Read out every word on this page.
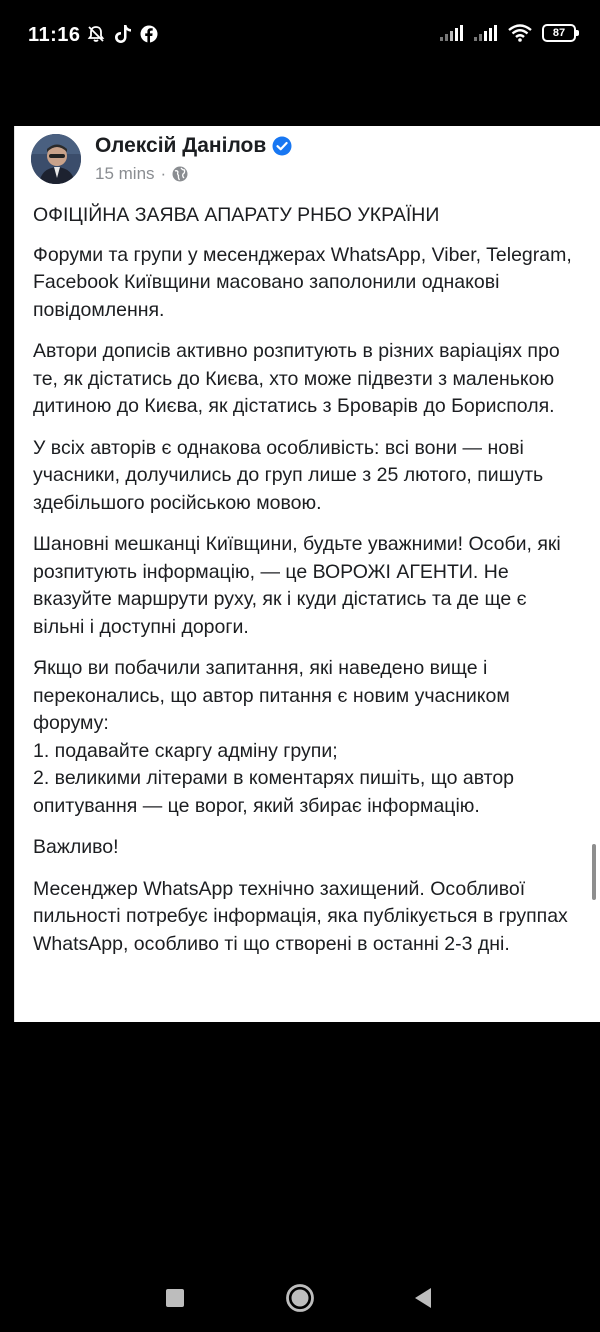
11:16	87
Олексій Данілов
15 mins ·

ОФІЦІЙНА ЗАЯВА АПАРАТУ РНБО УКРАЇНИ

Форуми та групи у месенджерах WhatsApp, Viber, Telegram, Facebook Київщини масовано заполонили однакові повідомлення.

Автори дописів активно розпитують в різних варіаціях про те, як дістатись до Києва, хто може підвезти з маленькою дитиною до Києва, як дістатись з Броварів до Борисполя.

У всіх авторів є однакова особливість: всі вони — нові учасники, долучились до груп лише з 25 лютого, пишуть здебільшого російською мовою.

Шановні мешканці Київщини, будьте уважними! Особи, які розпитують інформацію, — це ВОРОЖІ АГЕНТИ. Не вказуйте маршрути руху, як і куди дістатись та де ще є вільні і доступні дороги.

Якщо ви побачили запитання, які наведено вище і переконались, що автор питання є новим учасником форуму:
1. подавайте скаргу адміну групи;
2. великими літерами в коментарях пишіть, що автор опитування — це ворог, який збирає інформацію.

Важливо!

Месенджер WhatsApp технічно захищений. Особливої пильності потребує інформація, яка публікується в группах WhatsApp, особливо ті що створені в останні 2-3 дні.
